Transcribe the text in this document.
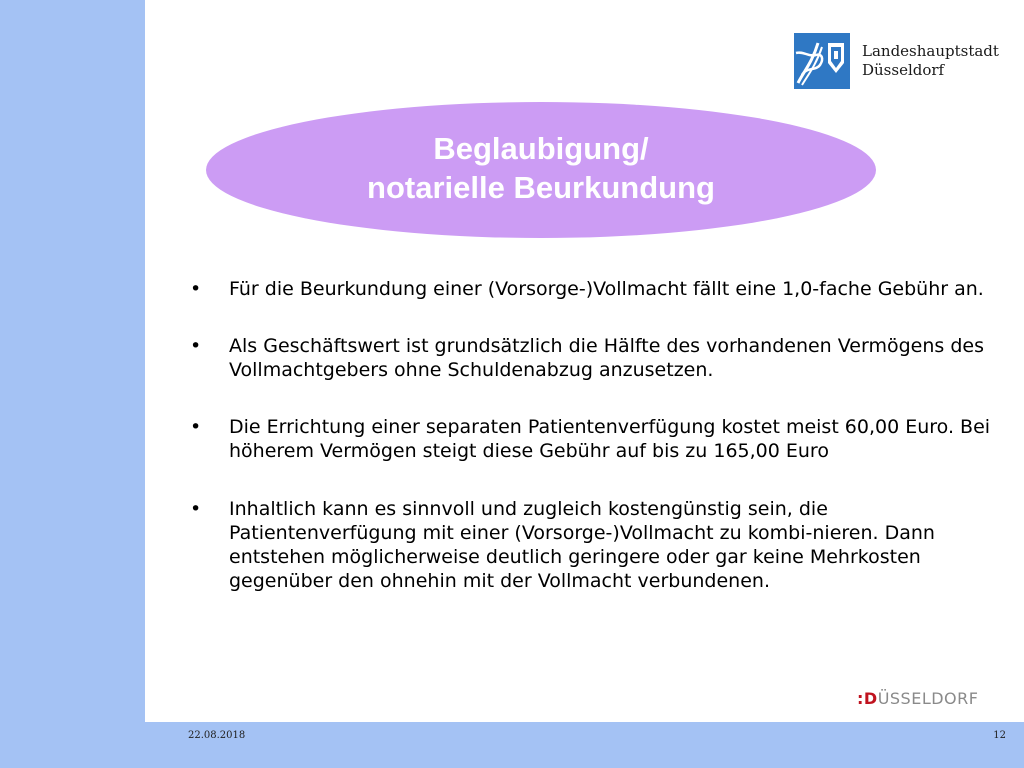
Landeshauptstadt
Düsseldorf
Beglaubigung/
notarielle Beurkundung
•	Für die Beurkundung einer (Vorsorge-)Vollmacht fällt eine 1,0-fache Gebühr an.
•	Als Geschäftswert ist grundsätzlich die Hälfte des vorhandenen Vermögens des Vollmachtgebers ohne Schuldenabzug anzusetzen.
•	Die Errichtung einer separaten Patientenverfügung kostet meist 60,00 Euro. Bei höherem Vermögen steigt diese Gebühr auf bis zu 165,00 Euro
•	Inhaltlich kann es sinnvoll und zugleich kostengünstig sein, die Patientenverfügung mit einer (Vorsorge-)Vollmacht zu kombi-nieren. Dann entstehen möglicherweise deutlich geringere oder gar keine Mehrkosten gegenüber den ohnehin mit der Vollmacht verbundenen.
:DÜSSELDORF
22.08.2018	12
